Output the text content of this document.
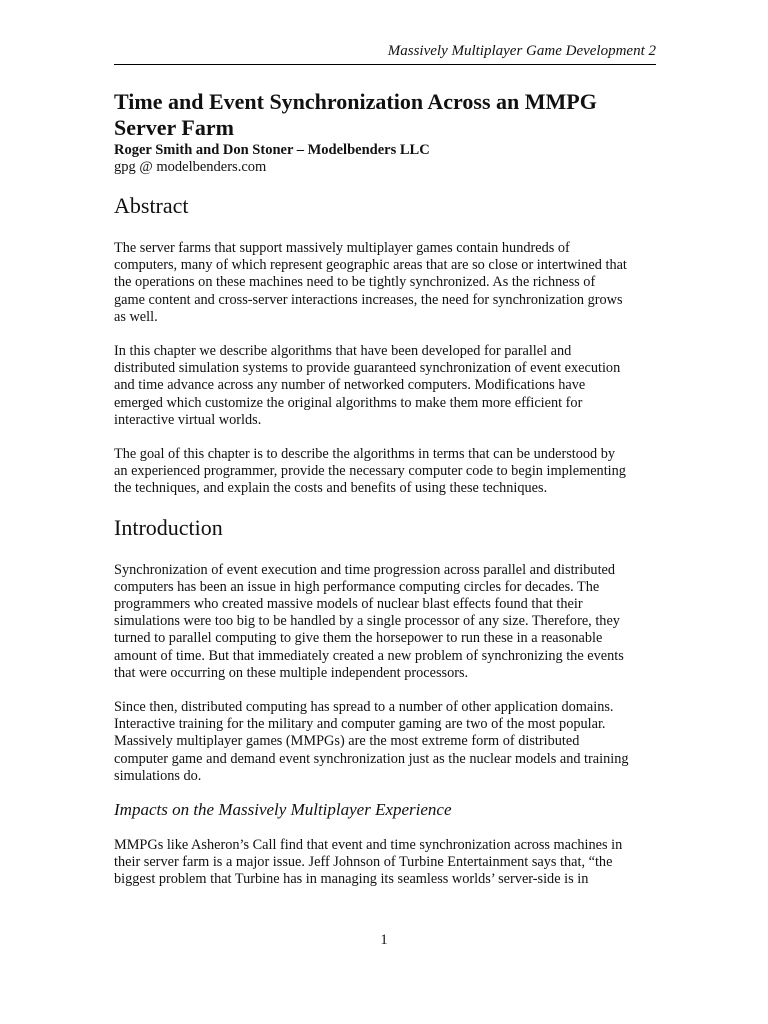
Massively Multiplayer Game Development 2
Time and Event Synchronization Across an MMPG
Server Farm
Roger Smith and Don Stoner – Modelbenders LLC
gpg @ modelbenders.com
Abstract

The server farms that support massively multiplayer games contain hundreds of
computers, many of which represent geographic areas that are so close or intertwined that
the operations on these machines need to be tightly synchronized. As the richness of
game content and cross-server interactions increases, the need for synchronization grows
as well.

In this chapter we describe algorithms that have been developed for parallel and
distributed simulation systems to provide guaranteed synchronization of event execution
and time advance across any number of networked computers. Modifications have
emerged which customize the original algorithms to make them more efficient for
interactive virtual worlds.

The goal of this chapter is to describe the algorithms in terms that can be understood by
an experienced programmer, provide the necessary computer code to begin implementing
the techniques, and explain the costs and benefits of using these techniques.

Introduction

Synchronization of event execution and time progression across parallel and distributed
computers has been an issue in high performance computing circles for decades. The
programmers who created massive models of nuclear blast effects found that their
simulations were too big to be handled by a single processor of any size. Therefore, they
turned to parallel computing to give them the horsepower to run these in a reasonable
amount of time. But that immediately created a new problem of synchronizing the events
that were occurring on these multiple independent processors.

Since then, distributed computing has spread to a number of other application domains.
Interactive training for the military and computer gaming are two of the most popular.
Massively multiplayer games (MMPGs) are the most extreme form of distributed
computer game and demand event synchronization just as the nuclear models and training
simulations do.

Impacts on the Massively Multiplayer Experience

MMPGs like Asheron’s Call find that event and time synchronization across machines in
their server farm is a major issue. Jeff Johnson of Turbine Entertainment says that, “the
biggest problem that Turbine has in managing its seamless worlds’ server-side is in

1
